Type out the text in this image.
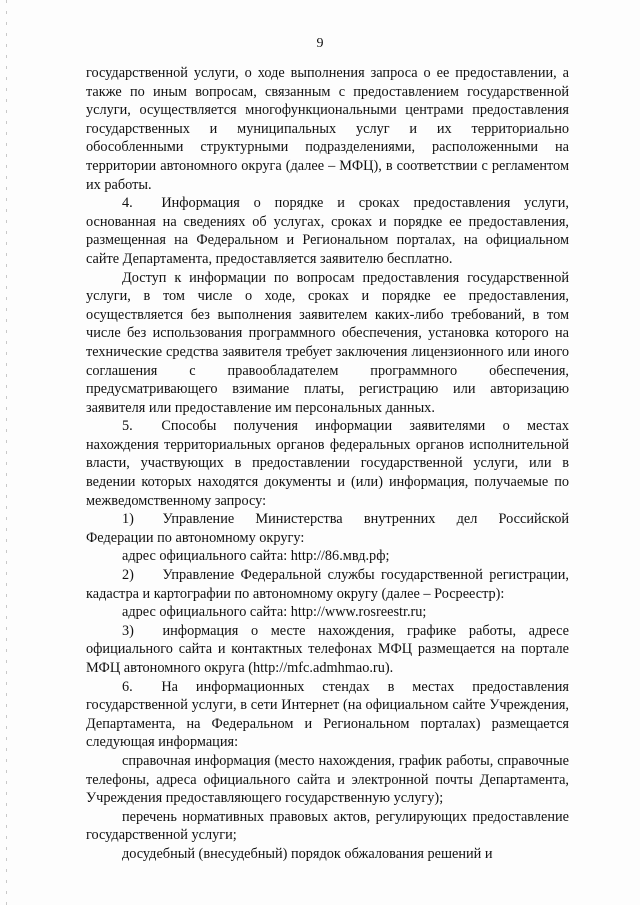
9

государственной услуги, о ходе выполнения запроса о ее предоставлении, а также по иным вопросам, связанным с предоставлением государственной услуги, осуществляется многофункциональными центрами предоставления государственных и муниципальных услуг и их территориально обособленными структурными подразделениями, расположенными на территории автономного округа (далее – МФЦ), в соответствии с регламентом их работы.

4.  Информация о порядке и сроках предоставления услуги, основанная на сведениях об услугах, сроках и порядке ее предоставления, размещенная на Федеральном и Региональном порталах, на официальном сайте Департамента, предоставляется заявителю бесплатно.

Доступ к информации по вопросам предоставления государственной услуги, в том числе о ходе, сроках и порядке ее предоставления, осуществляется без выполнения заявителем каких-либо требований, в том числе без использования программного обеспечения, установка которого на технические средства заявителя требует заключения лицензионного или иного соглашения с правообладателем программного обеспечения, предусматривающего взимание платы, регистрацию или авторизацию заявителя или предоставление им персональных данных.

5.  Способы получения информации заявителями о местах нахождения территориальных органов федеральных органов исполнительной власти, участвующих в предоставлении государственной услуги, или в ведении которых находятся документы и (или) информация, получаемые по межведомственному запросу:

1)  Управление Министерства внутренних дел Российской Федерации по автономному округу:

адрес официального сайта: http://86.мвд.рф;

2)  Управление Федеральной службы государственной регистрации, кадастра и картографии по автономному округу (далее – Росреестр):

адрес официального сайта: http://www.rosreestr.ru;

3)  информация о месте нахождения, графике работы, адресе официального сайта и контактных телефонах МФЦ размещается на портале МФЦ автономного округа (http://mfc.admhmao.ru).

6.  На информационных стендах в местах предоставления государственной услуги, в сети Интернет (на официальном сайте Учреждения, Департамента, на Федеральном и Региональном порталах) размещается следующая информация:

справочная информация (место нахождения, график работы, справочные телефоны, адреса официального сайта и электронной почты Департамента, Учреждения предоставляющего государственную услугу);

перечень нормативных правовых актов, регулирующих предоставление государственной услуги;

досудебный (внесудебный) порядок обжалования решений и
